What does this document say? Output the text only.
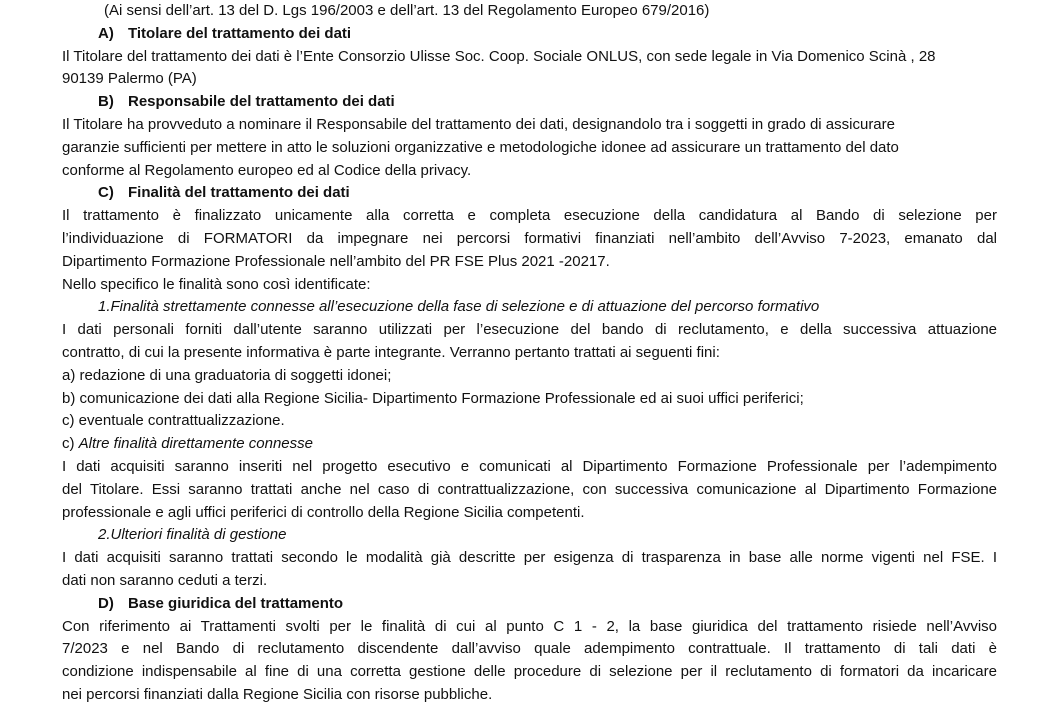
(Ai sensi dell’art. 13 del D. Lgs 196/2003 e dell’art. 13 del Regolamento Europeo 679/2016)
A) Titolare del trattamento dei dati
Il Titolare del trattamento dei dati è l’Ente Consorzio Ulisse Soc. Coop. Sociale ONLUS, con sede legale in Via Domenico Scinà , 28
90139 Palermo (PA)
B) Responsabile del trattamento dei dati
Il Titolare ha provveduto a nominare il Responsabile del trattamento dei dati, designandolo tra i soggetti in grado di assicurare
garanzie sufficienti per mettere in atto le soluzioni organizzative e metodologiche idonee ad assicurare un trattamento del dato
conforme al Regolamento europeo ed al Codice della privacy.
C) Finalità del trattamento dei dati
Il trattamento è finalizzato unicamente alla corretta e completa esecuzione della candidatura al Bando di selezione per
l’individuazione di FORMATORI da impegnare nei percorsi formativi finanziati nell’ambito dell’Avviso 7-2023, emanato dal
Dipartimento Formazione Professionale nell’ambito del PR FSE Plus 2021 -20217.
Nello specifico le finalità sono così identificate:
1.Finalità strettamente connesse all’esecuzione della fase di selezione e di attuazione del percorso formativo
I dati personali forniti dall’utente saranno utilizzati per l’esecuzione del bando di reclutamento, e della successiva attuazione
contratto, di cui la presente informativa è parte integrante. Verranno pertanto trattati ai seguenti fini:
a) redazione di una graduatoria di soggetti idonei;
b) comunicazione dei dati alla Regione Sicilia- Dipartimento Formazione Professionale ed ai suoi uffici periferici;
c) eventuale contrattualizzazione.
c) Altre finalità direttamente connesse
I dati acquisiti saranno inseriti nel progetto esecutivo e comunicati al Dipartimento Formazione Professionale per l’adempimento
del Titolare. Essi saranno trattati anche nel caso di contrattualizzazione, con successiva comunicazione al Dipartimento Formazione
professionale e agli uffici periferici di controllo della Regione Sicilia competenti.
2.Ulteriori finalità di gestione
I dati acquisiti saranno trattati secondo le modalità già descritte per esigenza di trasparenza in base alle norme vigenti nel FSE. I
dati non saranno ceduti a terzi.
D) Base giuridica del trattamento
Con riferimento ai Trattamenti svolti per le finalità di cui al punto C 1 - 2, la base giuridica del trattamento risiede nell’Avviso
7/2023 e nel Bando di reclutamento discendente dall’avviso quale adempimento contrattuale. Il trattamento di tali dati è
condizione indispensabile al fine di una corretta gestione delle procedure di selezione per il reclutamento di formatori da incaricare
nei percorsi finanziati dalla Regione Sicilia con risorse pubbliche.
